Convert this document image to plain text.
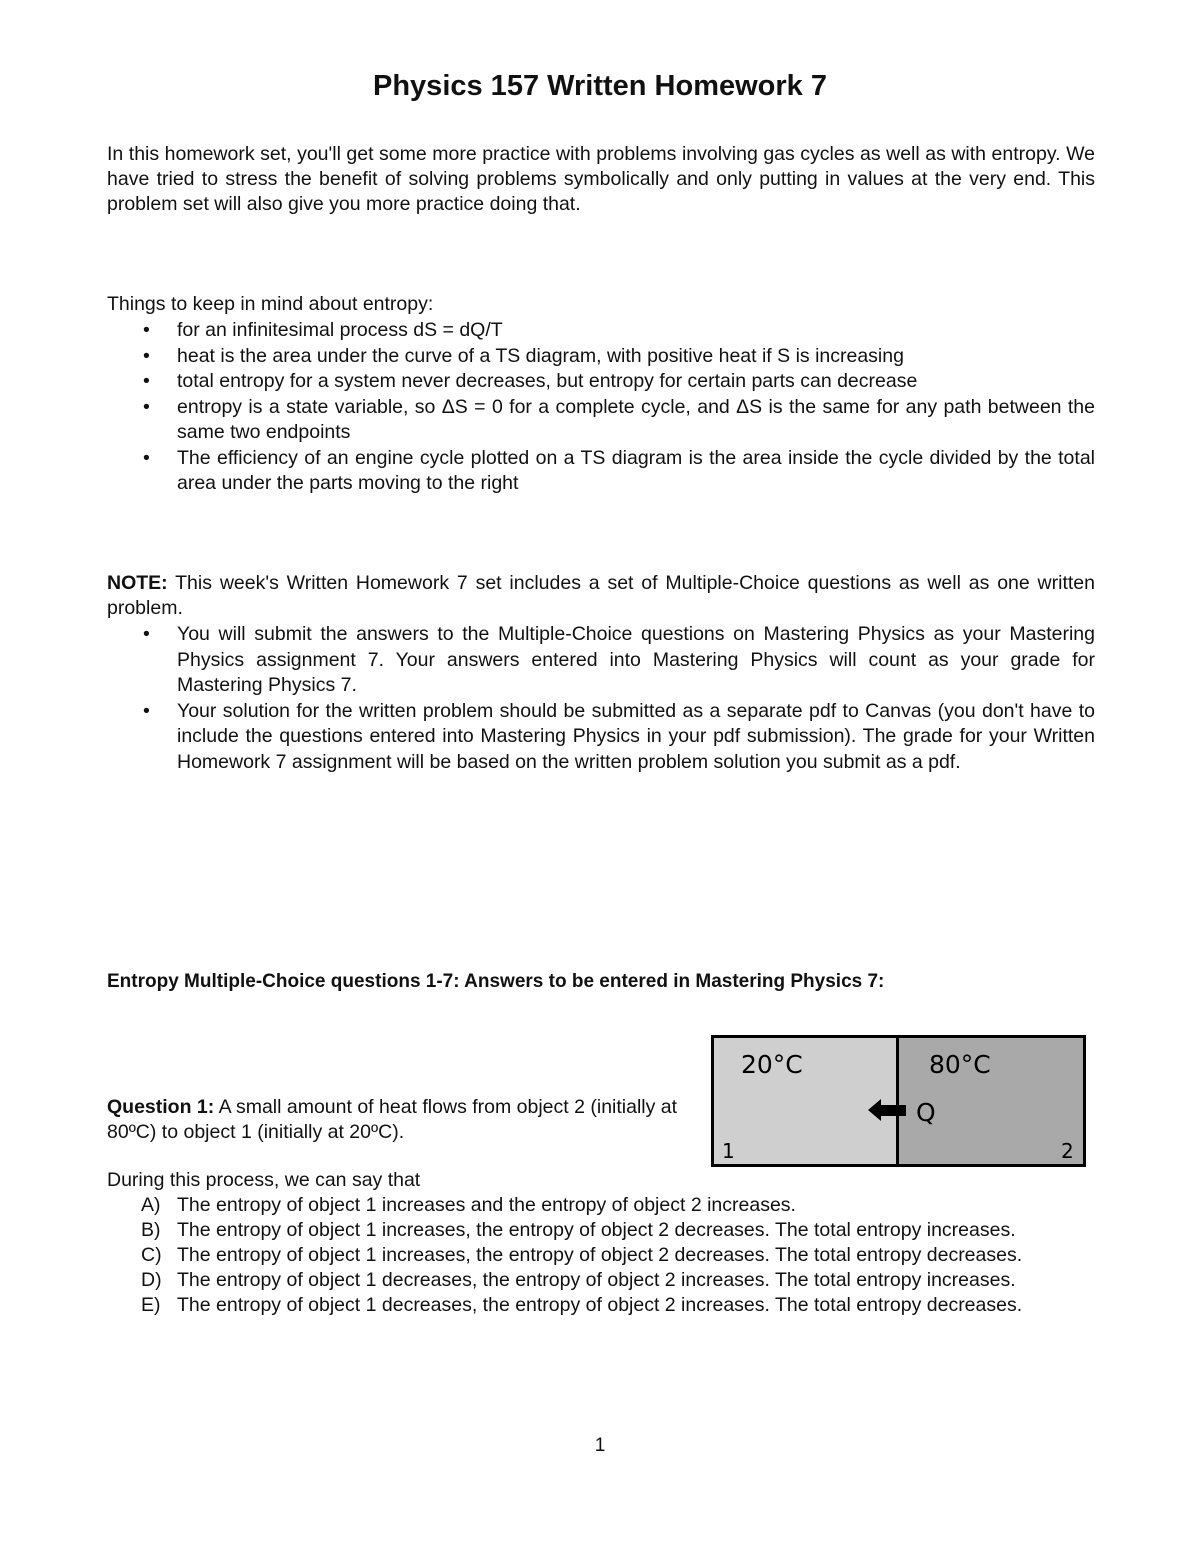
Physics 157 Written Homework 7
In this homework set, you'll get some more practice with problems involving gas cycles as well as with entropy. We have tried to stress the benefit of solving problems symbolically and only putting in values at the very end. This problem set will also give you more practice doing that.
Things to keep in mind about entropy:
• for an infinitesimal process dS = dQ/T
• heat is the area under the curve of a TS diagram, with positive heat if S is increasing
• total entropy for a system never decreases, but entropy for certain parts can decrease
• entropy is a state variable, so ΔS = 0 for a complete cycle, and ΔS is the same for any path between the same two endpoints
• The efficiency of an engine cycle plotted on a TS diagram is the area inside the cycle divided by the total area under the parts moving to the right
NOTE: This week's Written Homework 7 set includes a set of Multiple-Choice questions as well as one written problem.
• You will submit the answers to the Multiple-Choice questions on Mastering Physics as your Mastering Physics assignment 7. Your answers entered into Mastering Physics will count as your grade for Mastering Physics 7.
• Your solution for the written problem should be submitted as a separate pdf to Canvas (you don't have to include the questions entered into Mastering Physics in your pdf submission). The grade for your Written Homework 7 assignment will be based on the written problem solution you submit as a pdf.
Entropy Multiple-Choice questions 1-7: Answers to be entered in Mastering Physics 7:
Question 1: A small amount of heat flows from object 2 (initially at 80ºC) to object 1 (initially at 20ºC).
20°C	80°C
Q
1	2
During this process, we can say that
A) The entropy of object 1 increases and the entropy of object 2 increases.
B) The entropy of object 1 increases, the entropy of object 2 decreases. The total entropy increases.
C) The entropy of object 1 increases, the entropy of object 2 decreases. The total entropy decreases.
D) The entropy of object 1 decreases, the entropy of object 2 increases. The total entropy increases.
E) The entropy of object 1 decreases, the entropy of object 2 increases. The total entropy decreases.
1
